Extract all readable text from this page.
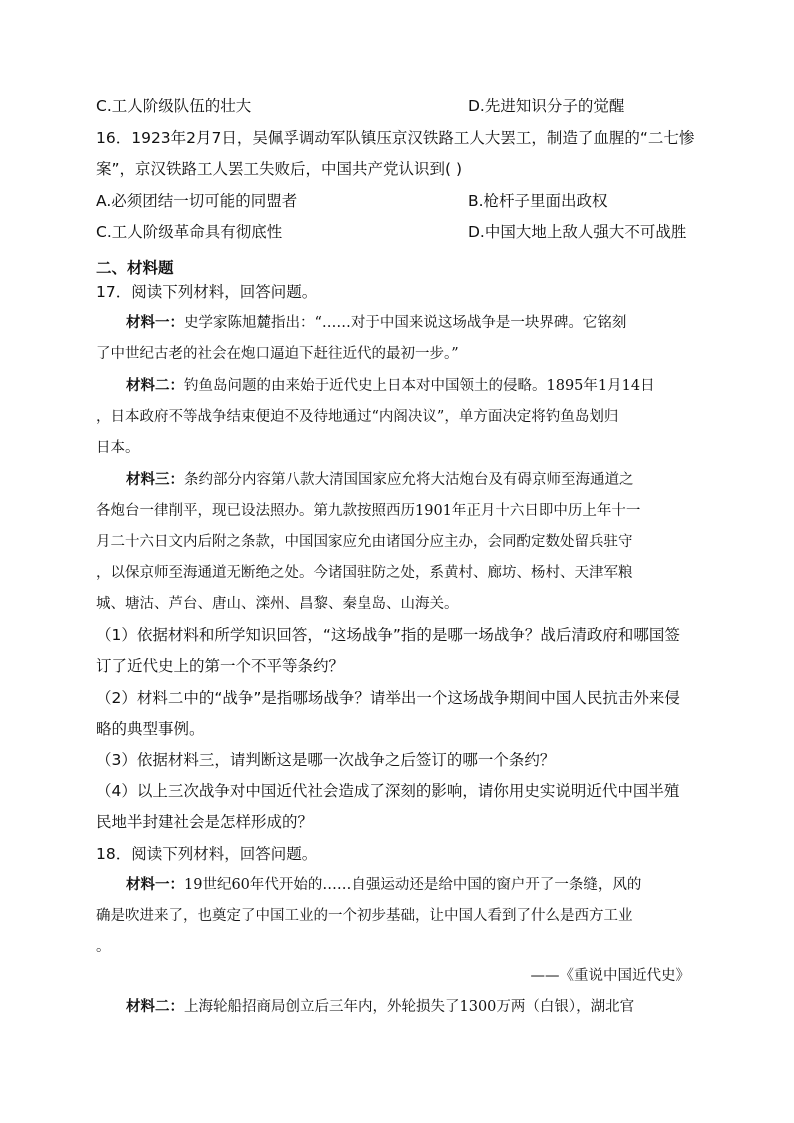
C.工人阶级队伍的壮大	D.先进知识分子的觉醒
16．1923年2月7日，吴佩孚调动军队镇压京汉铁路工人大罢工，制造了血腥的“二七惨
案”，京汉铁路工人罢工失败后，中国共产党认识到( )
A.必须团结一切可能的同盟者	B.枪杆子里面出政权
C.工人阶级革命具有彻底性	D.中国大地上敌人强大不可战胜
二、材料题
17．阅读下列材料，回答问题。
材料一：史学家陈旭麓指出：“……对于中国来说这场战争是一块界碑。它铭刻
了中世纪古老的社会在炮口逼迫下赶往近代的最初一步。”
材料二：钓鱼岛问题的由来始于近代史上日本对中国领土的侵略。1895年1月14日
，日本政府不等战争结束便迫不及待地通过“内阁决议”，单方面决定将钓鱼岛划归
日本。
材料三：条约部分内容第八款大清国国家应允将大沽炮台及有碍京师至海通道之
各炮台一律削平，现已设法照办。第九款按照西历1901年正月十六日即中历上年十一
月二十六日文内后附之条款，中国国家应允由诸国分应主办，会同酌定数处留兵驻守
，以保京师至海通道无断绝之处。今诸国驻防之处，系黄村、廊坊、杨村、天津军粮
城、塘沽、芦台、唐山、滦州、昌黎、秦皇岛、山海关。
（1）依据材料和所学知识回答，“这场战争”指的是哪一场战争？战后清政府和哪国签
订了近代史上的第一个不平等条约？
（2）材料二中的“战争”是指哪场战争？请举出一个这场战争期间中国人民抗击外来侵
略的典型事例。
（3）依据材料三，请判断这是哪一次战争之后签订的哪一个条约？
（4）以上三次战争对中国近代社会造成了深刻的影响，请你用史实说明近代中国半殖
民地半封建社会是怎样形成的？
18．阅读下列材料，回答问题。
材料一：19世纪60年代开始的……自强运动还是给中国的窗户开了一条缝，风的
确是吹进来了，也奠定了中国工业的一个初步基础，让中国人看到了什么是西方工业
。
——《重说中国近代史》
材料二：上海轮船招商局创立后三年内，外轮损失了1300万两（白银），湖北官
